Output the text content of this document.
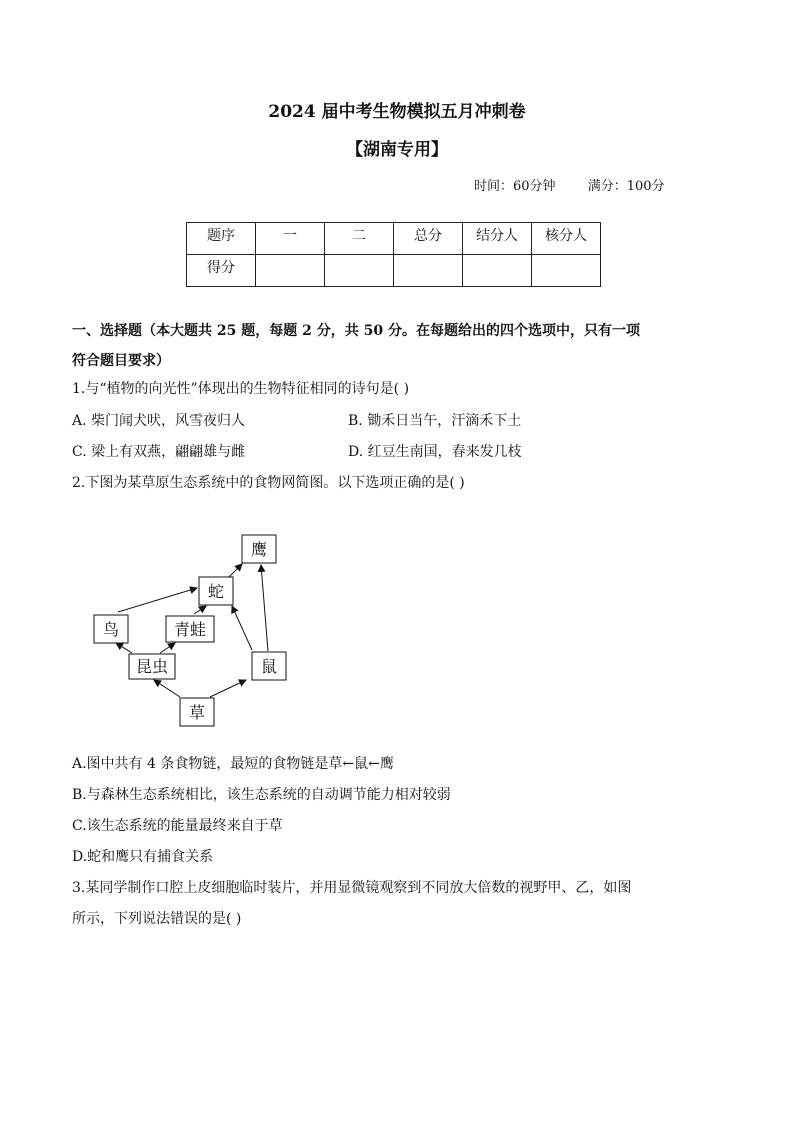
2024 届中考生物模拟五月冲刺卷
【湖南专用】
时间：60分钟 满分：100分
题序	一	二	总分	结分人	核分人
得分					
一、选择题（本大题共 25 题，每题 2 分，共 50 分。在每题给出的四个选项中，只有一项
符合题目要求）
1.与“植物的向光性”体现出的生物特征相同的诗句是( )
A. 柴门闻犬吠，风雪夜归人	B. 锄禾日当午，汗滴禾下土
C. 梁上有双燕，翩翩雄与雌	D. 红豆生南国，春来发几枝
2.下图为某草原生态系统中的食物网简图。以下选项正确的是( )
鹰
蛇
鸟	青蛙
昆虫	鼠
草
A.图中共有 4 条食物链，最短的食物链是草←鼠←鹰
B.与森林生态系统相比，该生态系统的自动调节能力相对较弱
C.该生态系统的能量最终来自于草
D.蛇和鹰只有捕食关系
3.某同学制作口腔上皮细胞临时装片，并用显微镜观察到不同放大倍数的视野甲、乙，如图
所示，下列说法错误的是( )
